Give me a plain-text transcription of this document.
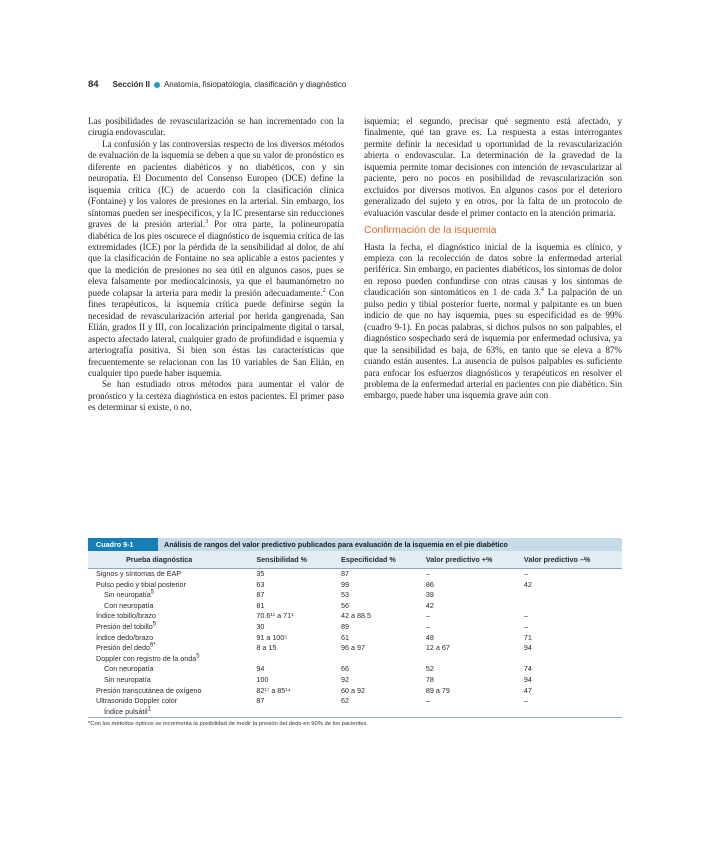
84 Sección II Anatomía, fisiopatología, clasificación y diagnóstico

Las posibilidades de revascularización se han incrementado con la cirugía endovascular.

La confusión y las controversias respecto de los diversos métodos de evaluación de la isquemia se deben a que su valor de pronóstico es diferente en pacientes diabéticos y no diabéticos, con y sin neuropatía. El Documento del Consenso Europeo (DCE) define la isquemia crítica (IC) de acuerdo con la clasificación clínica (Fontaine) y los valores de presiones en la arterial. Sin embargo, los síntomas pueden ser inespecíficos, y la IC presentarse sin reducciones graves de la presión arterial.$^3$ Por otra parte, la polineuropatía diabética de los pies oscurece el diagnóstico de isquemia crítica de las extremidades (ICE) por la pérdida de la sensibilidad al dolor, de ahí que la clasificación de Fontaine no sea aplicable a estos pacientes y que la medición de presiones no sea útil en algunos casos, pues se eleva falsamente por mediocalcinosis, ya que el baumanómetro no puede colapsar la arteria para medir la presión adecuadamente.$^2$ Con fines terapéuticos, la isquemia crítica puede definirse según la necesidad de revascularización arterial por herida gangrenada, San Elián, grados II y III, con localización principalmente digital o tarsal, aspecto afectado lateral, cualquier grado de profundidad e isquemia y arteriografía positiva. Si bien son éstas las características que frecuentemente se relacionan con las 10 variables de San Elián, en cualquier tipo puede haber isquemia.

Se han estudiado otros métodos para aumentar el valor de pronóstico y la certeza diagnóstica en estos pacientes. El primer paso es determinar si existe, o no,

isquemia; el segundo, precisar qué segmento está afectado, y finalmente, qué tan grave es. La respuesta a estas interrogantes permite definir la necesidad u oportunidad de la revascularización abierta o endovascular. La determinación de la gravedad de la isquemia permite tomar decisiones con intención de revascularizar al paciente, pero no pocos en posibilidad de revascularización son excluidos por diversos motivos. En algunos casos por el deterioro generalizado del sujeto y en otros, por la falta de un protocolo de evaluación vascular desde el primer contacto en la atención primaria.

Confirmación de la isquemia

Hasta la fecha, el diagnóstico inicial de la isquemia es clínico, y empieza con la recolección de datos sobre la enfermedad arterial periférica. Sin embargo, en pacientes diabéticos, los síntomas de dolor en reposo pueden confundirse con otras causas y los síntomas de claudicación son sintomáticos en 1 de cada 3.$^4$ La palpación de un pulso pedio y tibial posterior fuerte, normal y palpitante es un buen indicio de que no hay isquemia, pues su especificidad es de 99% (cuadro 9-1). En pocas palabras, si dichos pulsos no son palpables, el diagnóstico sospechado será de isquemia por enfermedad oclusiva, ya que la sensibilidad es baja, de 63%, en tanto que se eleva a 87% cuando están ausentes. La ausencia de pulsos palpables es suficiente para enfocar los esfuerzos diagnósticos y terapéuticos en resolver el problema de la enfermedad arterial en pacientes con pie diabético. Sin embargo, puede haber una isquemia grave aún con

Cuadro 9-1	Análisis de rangos del valor predictivo publicados para evaluación de la isquemia en el pie diabético
Prueba diagnóstica	Sensibilidad %	Especificidad %	Valor predictivo +%	Valor predictivo –%
Signos y síntomas de EAP	35	87	–	–
Pulso pedio y tibial posterior	63	99	86	42
Sin neuropatía$^5$	87	53	39	
Con neuropatía	81	56	42	
Índice tobillo/brazo	70.6¹¹ a 71¹	42 a 88.5	–	–
Presión del tobillo$^5$	30	89	–	–
Índice dedo/brazo	91 a 100⁵	61	48	71
Presión del dedo$^{6*}$	8 a 15	96 a 97	12 a 67	94
Doppler con registro de la onda$^5$				
Con neuropatía	94	66	52	74
Sin neuropatía	100	92	78	94
Presión transcutánea de oxígeno	82¹⁷ a 85¹⁴	60 a 92	89 a 79	47
Ultrasonido Doppler color	87	62	–	–
Índice pulsátil$^1$				
*Con los métodos ópticos se incrementa la posibilidad de medir la presión del dedo en 90% de los pacientes.
